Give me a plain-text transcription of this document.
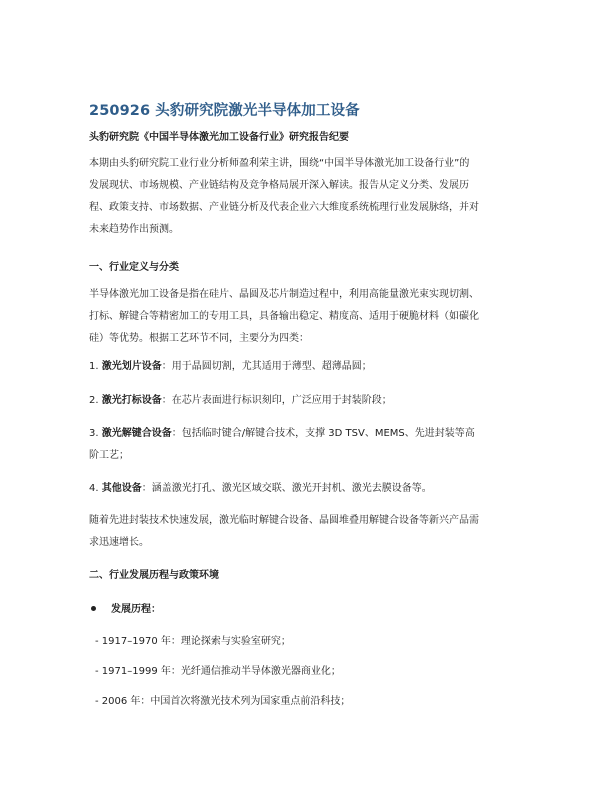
250926 头豹研究院激光半导体加工设备
头豹研究院《中国半导体激光加工设备行业》研究报告纪要
本期由头豹研究院工业行业分析师盈利荣主讲，围绕“中国半导体激光加工设备行业”的
发展现状、市场规模、产业链结构及竞争格局展开深入解读。报告从定义分类、发展历
程、政策支持、市场数据、产业链分析及代表企业六大维度系统梳理行业发展脉络，并对
未来趋势作出预测。
一、行业定义与分类
半导体激光加工设备是指在硅片、晶圆及芯片制造过程中，利用高能量激光束实现切割、
打标、解键合等精密加工的专用工具，具备输出稳定、精度高、适用于硬脆材料（如碳化
硅）等优势。根据工艺环节不同，主要分为四类：
1. 激光划片设备：用于晶圆切割，尤其适用于薄型、超薄晶圆；
2. 激光打标设备：在芯片表面进行标识刻印，广泛应用于封装阶段；
3. 激光解键合设备：包括临时键合/解键合技术，支撑 3D TSV、MEMS、先进封装等高
阶工艺；
4. 其他设备：涵盖激光打孔、激光区域交联、激光开封机、激光去膜设备等。
随着先进封装技术快速发展，激光临时解键合设备、晶圆堆叠用解键合设备等新兴产品需
求迅速增长。
二、行业发展历程与政策环境
发展历程：
- 1917–1970 年：理论探索与实验室研究；
- 1971–1999 年：光纤通信推动半导体激光器商业化；
- 2006 年：中国首次将激光技术列为国家重点前沿科技；
